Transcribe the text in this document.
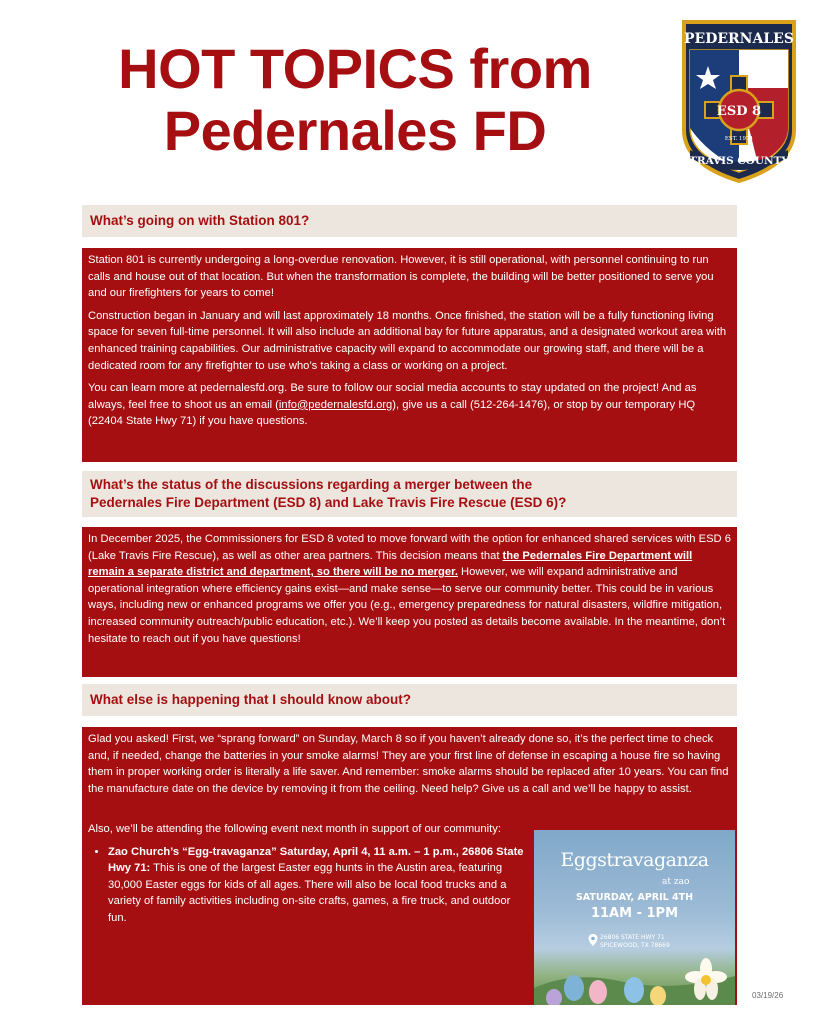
HOT TOPICS from
Pedernales FD
PEDERNALES
ESD 8
EST. 1974
TRAVIS COUNTY
What’s going on with Station 801?

Station 801 is currently undergoing a long-overdue renovation. However, it is still operational, with personnel continuing to run calls and house out of that location. But when the transformation is complete, the building will be better positioned to serve you and our firefighters for years to come!

Construction began in January and will last approximately 18 months. Once finished, the station will be a fully functioning living space for seven full-time personnel. It will also include an additional bay for future apparatus, and a designated workout area with enhanced training capabilities. Our administrative capacity will expand to accommodate our growing staff, and there will be a dedicated room for any firefighter to use who’s taking a class or working on a project.

You can learn more at pedernalesfd.org. Be sure to follow our social media accounts to stay updated on the project! And as always, feel free to shoot us an email (info@pedernalesfd.org), give us a call (512-264-1476), or stop by our temporary HQ (22404 State Hwy 71) if you have questions.

What’s the status of the discussions regarding a merger between the
Pedernales Fire Department (ESD 8) and Lake Travis Fire Rescue (ESD 6)?

In December 2025, the Commissioners for ESD 8 voted to move forward with the option for enhanced shared services with ESD 6 (Lake Travis Fire Rescue), as well as other area partners. This decision means that the Pedernales Fire Department will remain a separate district and department, so there will be no merger. However, we will expand administrative and operational integration where efficiency gains exist—and make sense—to serve our community better. This could be in various ways, including new or enhanced programs we offer you (e.g., emergency preparedness for natural disasters, wildfire mitigation, increased community outreach/public education, etc.). We’ll keep you posted as details become available. In the meantime, don’t hesitate to reach out if you have questions!

What else is happening that I should know about?

Glad you asked! First, we “sprang forward” on Sunday, March 8 so if you haven’t already done so, it’s the perfect time to check and, if needed, change the batteries in your smoke alarms! They are your first line of defense in escaping a house fire so having them in proper working order is literally a life saver. And remember: smoke alarms should be replaced after 10 years. You can find the manufacture date on the device by removing it from the ceiling. Need help? Give us a call and we’ll be happy to assist.

Also, we’ll be attending the following event next month in support of our community:

• Zao Church’s “Egg-travaganza” Saturday, April 4, 11 a.m. – 1 p.m., 26806 State Hwy 71: This is one of the largest Easter egg hunts in the Austin area, featuring 30,000 Easter eggs for kids of all ages. There will also be local food trucks and a variety of family activities including on-site crafts, games, a fire truck, and outdoor fun.
Eggstravaganza
at zao
SATURDAY, APRIL 4TH
11AM - 1PM
26806 STATE HWY 71
SPICEWOOD, TX 78669
03/19/26
